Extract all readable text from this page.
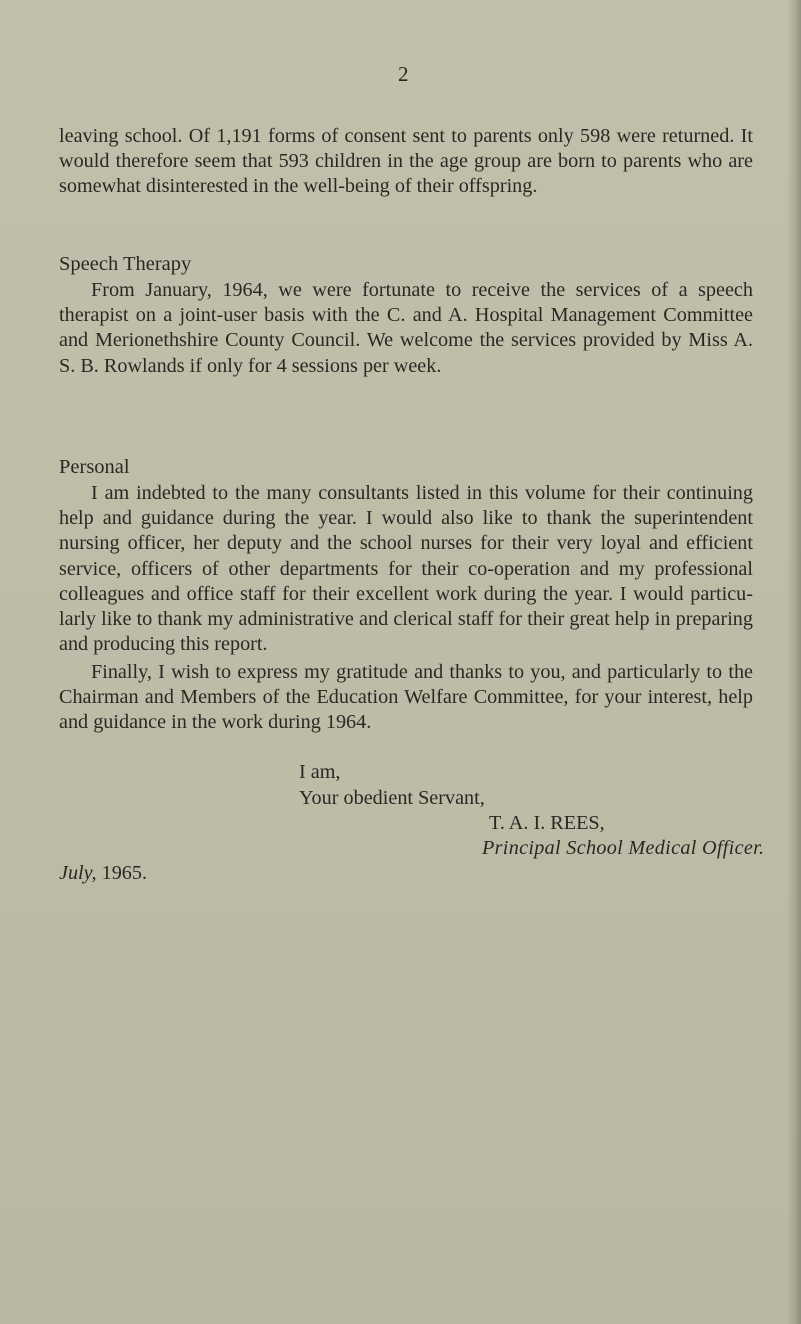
2

leaving school. Of 1,191 forms of consent sent to parents only 598 were returned. It would therefore seem that 593 children in the age group are born to parents who are somewhat disinterested in the well-being of their offspring.

Speech Therapy

From January, 1964, we were fortunate to receive the services of a speech therapist on a joint-user basis with the C. and A. Hospital Management Committee and Merionethshire County Council. We welcome the services provided by Miss A. S. B. Rowlands if only for 4 sessions per week.

Personal

I am indebted to the many consultants listed in this volume for their continuing help and guidance during the year. I would also like to thank the superintendent nursing officer, her deputy and the school nurses for their very loyal and efficient service, officers of other departments for their co-operation and my professional colleagues and office staff for their excellent work during the year. I would particu-larly like to thank my administrative and clerical staff for their great help in preparing and producing this report.

Finally, I wish to express my gratitude and thanks to you, and particularly to the Chairman and Members of the Education Welfare Committee, for your interest, help and guidance in the work during 1964.

I am,

Your obedient Servant,

T. A. I. REES,

Principal School Medical Officer.

July, 1965.
